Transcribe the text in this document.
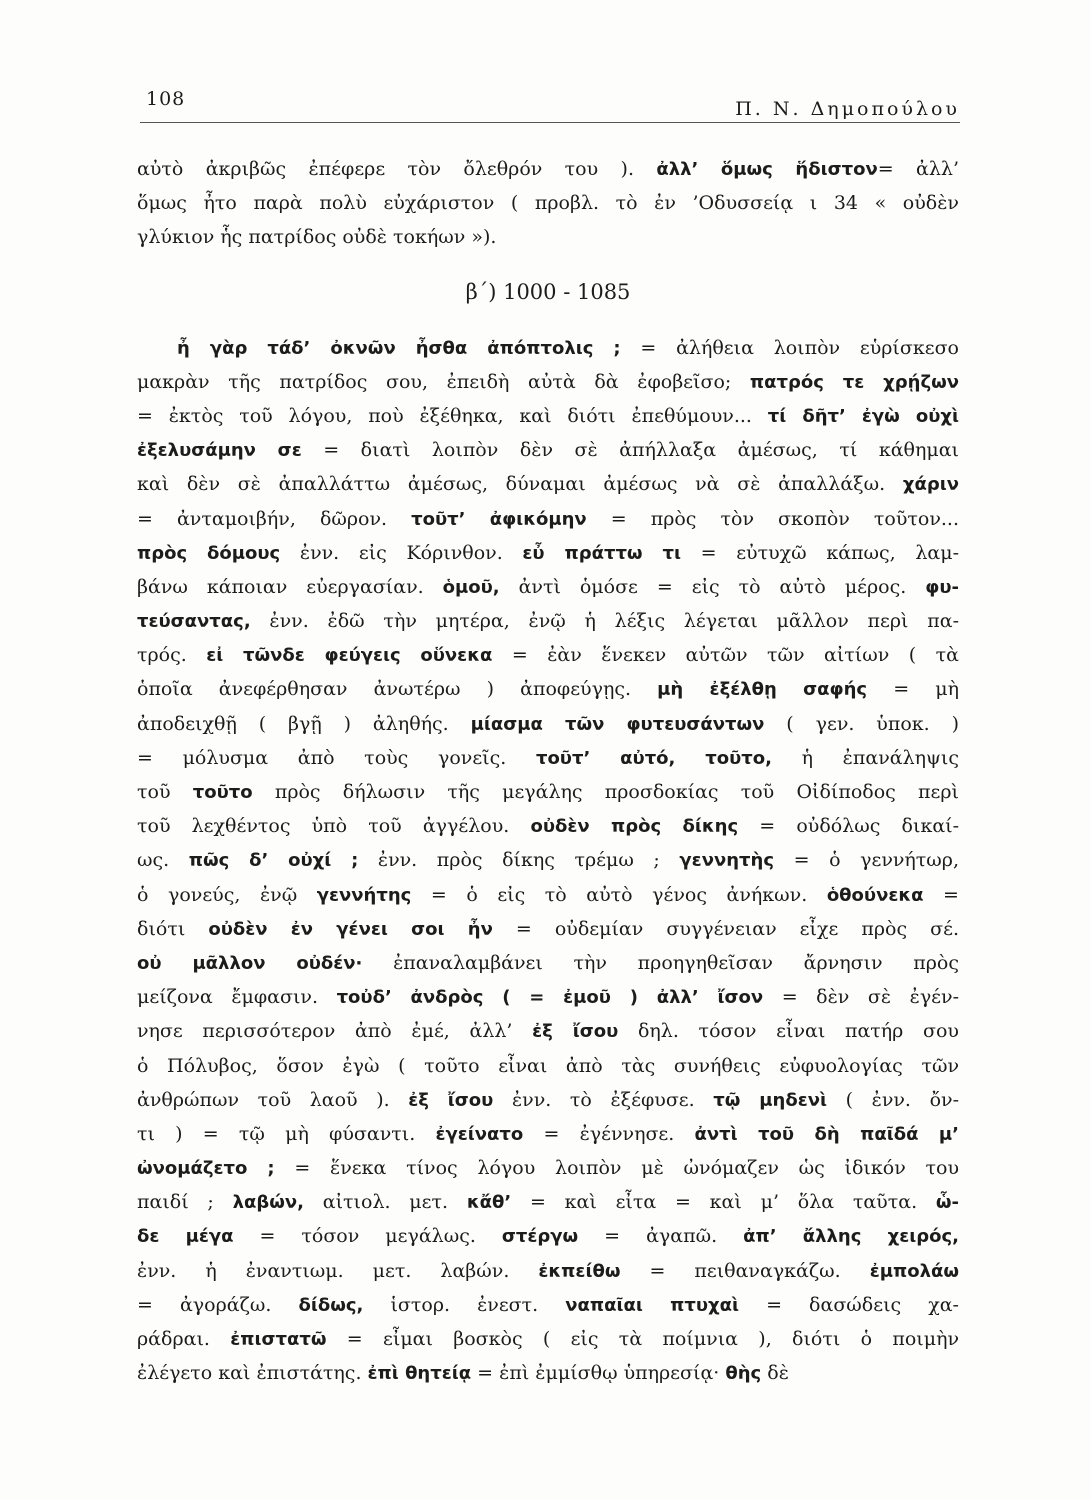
108	Π. Ν. Δημοπούλου
αὐτὸ ἀκριβῶς ἐπέφερε τὸν ὄλεθρόν του ). ἀλλ’ ὅμως ἥδιστον= ἀλλ’
ὅμως ἦτο παρὰ πολὺ εὐχάριστον ( προβλ. τὸ ἐν ’Οδυσσείᾳ ι 34 « οὐδὲν
γλύκιον ἧς πατρίδος οὐδὲ τοκήων »).
β΄) 1000 - 1085
ἦ γὰρ τάδ’ ὀκνῶν ἦσθα ἀπόπτολις ; = ἀλήθεια λοιπὸν εὑρίσκεσο
μακρὰν τῆς πατρίδος σου, ἐπειδὴ αὐτὰ δὰ ἐφοβεῖσο; πατρός τε χρῄζων
= ἐκτὸς τοῦ λόγου, ποὺ ἐξέθηκα, καὶ διότι ἐπεθύμουν... τί δῆτ’ ἐγὼ οὐχὶ
ἐξελυσάμην σε = διατὶ λοιπὸν δὲν σὲ ἀπήλλαξα ἀμέσως, τί κάθημαι
καὶ δὲν σὲ ἀπαλλάττω ἀμέσως, δύναμαι ἀμέσως νὰ σὲ ἀπαλλάξω. χάριν
= ἀνταμοιβήν, δῶρον. τοῦτ’ ἀφικόμην = πρὸς τὸν σκοπὸν τοῦτον...
πρὸς δόμους ἐνν. εἰς Κόρινθον. εὖ πράττω τι = εὐτυχῶ κάπως, λαμ-
βάνω κάποιαν εὐεργασίαν. ὁμοῦ, ἀντὶ ὁμόσε = εἰς τὸ αὐτὸ μέρος. φυ-
τεύσαντας, ἐνν. ἐδῶ τὴν μητέρα, ἐνῷ ἡ λέξις λέγεται μᾶλλον περὶ πα-
τρός. εἰ τῶνδε φεύγεις οὕνεκα = ἐὰν ἕνεκεν αὐτῶν τῶν αἰτίων ( τὰ
ὁποῖα ἀνεφέρθησαν ἀνωτέρω ) ἀποφεύγῃς. μὴ ἐξέλθῃ σαφής = μὴ
ἀποδειχθῇ ( βγῇ ) ἀληθής. μίασμα τῶν φυτευσάντων ( γεν. ὑποκ. )
= μόλυσμα ἀπὸ τοὺς γονεῖς. τοῦτ’ αὐτό, τοῦτο, ἡ ἐπανάληψις
τοῦ τοῦτο πρὸς δήλωσιν τῆς μεγάλης προσδοκίας τοῦ Οἰδίποδος περὶ
τοῦ λεχθέντος ὑπὸ τοῦ ἀγγέλου. οὐδὲν πρὸς δίκης = οὐδόλως δικαί-
ως. πῶς δ’ οὐχί ; ἐνν. πρὸς δίκης τρέμω ; γεννητὴς = ὁ γεννήτωρ,
ὁ γονεύς, ἐνῷ γεννήτης = ὁ εἰς τὸ αὐτὸ γένος ἀνήκων. ὁθούνεκα =
διότι οὐδὲν ἐν γένει σοι ἦν = οὐδεμίαν συγγένειαν εἶχε πρὸς σέ.
οὐ μᾶλλον οὐδέν· ἐπαναλαμβάνει τὴν προηγηθεῖσαν ἄρνησιν πρὸς
μείζονα ἔμφασιν. τοὐδ’ ἀνδρὸς ( = ἐμοῦ ) ἀλλ’ ἴσον = δὲν σὲ ἐγέν-
νησε περισσότερον ἀπὸ ἐμέ, ἀλλ’ ἐξ ἴσου δηλ. τόσον εἶναι πατήρ σου
ὁ Πόλυβος, ὅσον ἐγὼ ( τοῦτο εἶναι ἀπὸ τὰς συνήθεις εὐφυολογίας τῶν
ἀνθρώπων τοῦ λαοῦ ). ἐξ ἴσου ἐνν. τὸ ἐξέφυσε. τῷ μηδενὶ ( ἐνν. ὄν-
τι ) = τῷ μὴ φύσαντι. ἐγείνατο = ἐγέννησε. ἀντὶ τοῦ δὴ παῖδά μ’
ὠνομάζετο ; = ἕνεκα τίνος λόγου λοιπὸν μὲ ὠνόμαζεν ὡς ἰδικόν του
παιδί ; λαβών, αἰτιολ. μετ. κἄθ’ = καὶ εἶτα = καὶ μ’ ὅλα ταῦτα. ὧ-
δε μέγα = τόσον μεγάλως. στέργω = ἀγαπῶ. ἀπ’ ἄλλης χειρός,
ἐνν. ἡ ἐναντιωμ. μετ. λαβών. ἐκπείθω = πειθαναγκάζω. ἐμπολάω
= ἀγοράζω. δίδως, ἱστορ. ἐνεστ. ναπαῖαι πτυχαὶ = δασώδεις χα-
ράδραι. ἐπιστατῶ = εἶμαι βοσκὸς ( εἰς τὰ ποίμνια ), διότι ὁ ποιμὴν
ἐλέγετο καὶ ἐπιστάτης. ἐπὶ θητείᾳ = ἐπὶ ἐμμίσθῳ ὑπηρεσίᾳ· θὴς δὲ
